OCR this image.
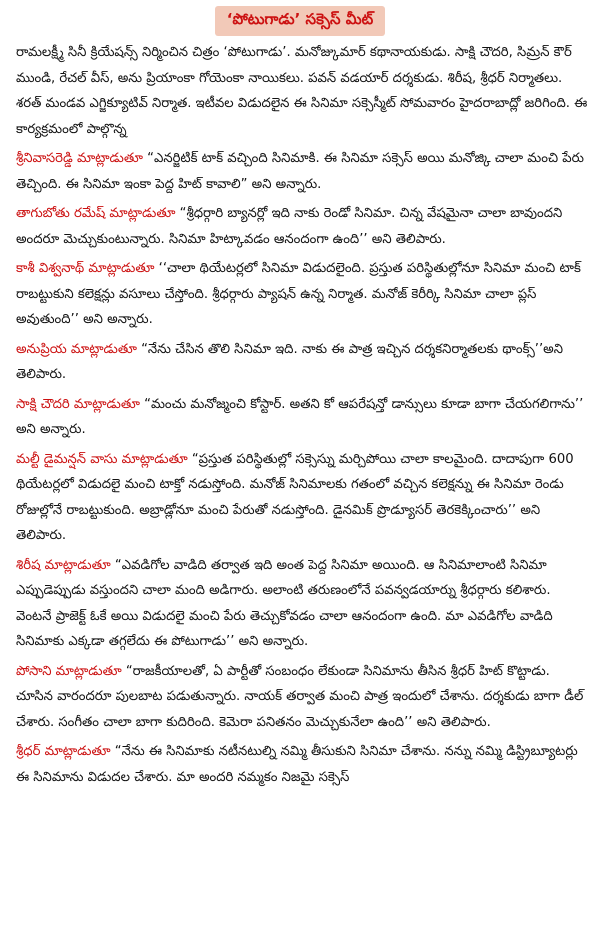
‘పోటుగాడు’ సక్సెస్ మీట్

రామలక్ష్మీ సినీ క్రియేషన్స్ నిర్మించిన చిత్రం ‘పోటుగాడు’. మనోజ్కుమార్ కథానాయకుడు. సాక్షి చౌదరి, సిమ్రన్ కౌర్ ముండి, రేచల్ వీస్, అను ప్రియాంకా గోయెంకా నాయికలు. పవన్ వడయార్ దర్శకుడు. శిరీష, శ్రీధర్ నిర్మాతలు. శరత్ మండవ ఎగ్జిక్యూటివ్ నిర్మాత. ఇటీవల విడుదలైన ఈ సినిమా సక్సెస్మీట్ సోమవారం హైదరాబాద్లో జరిగింది. ఈ కార్యక్రమంలో పాల్గొన్న

శ్రీనివాసరెడ్డి మాట్లాడుతూ “ఎనర్జిటిక్ టాక్ వచ్చింది సినిమాకి. ఈ సినిమా సక్సెస్ అయి మనోజ్కి చాలా మంచి పేరు తెచ్చింది. ఈ సినిమా ఇంకా పెద్ద హిట్ కావాలి” అని అన్నారు.

తాగుబోతు రమేష్ మాట్లాడుతూ “శ్రీధర్గారి బ్యానర్లో ఇది నాకు రెండో సినిమా. చిన్న వేషమైనా చాలా బావుందని అందరూ మెచ్చుకుంటున్నారు. సినిమా హిట్కావడం ఆనందంగా ఉంది’’ అని తెలిపారు.

కాశీ విశ్వనాథ్ మాట్లాడుతూ ‘‘చాలా థియేటర్లలో సినిమా విడుదలైంది. ప్రస్తుత పరిస్థితుల్లోనూ సినిమా మంచి టాక్ రాబట్టుకుని కలెక్షన్లు వసూలు చేస్తోంది. శ్రీధర్గారు ప్యాషన్ ఉన్న నిర్మాత. మనోజ్ కెరీర్కి సినిమా చాలా ప్లస్ అవుతుంది’’ అని అన్నారు.

అనుప్రియ మాట్లాడుతూ “నేను చేసిన తొలి సినిమా ఇది. నాకు ఈ పాత్ర ఇచ్చిన దర్శకనిర్మాతలకు థాంక్స్’’అని తెలిపారు.

సాక్షి చౌదరి మాట్లాడుతూ “మంచు మనోజ్మంచి కోస్టార్. అతని కో ఆపరేషన్తో డాన్సులు కూడా బాగా చేయగలిగాను’’ అని అన్నారు.

మల్టీ డైమన్షన్ వాసు మాట్లాడుతూ “ప్రస్తుత పరిస్థితుల్లో సక్సెస్ను మర్చిపోయి చాలా కాలమైంది. దాదాపుగా 600 థియేటర్లలో విడుదలై మంచి టాక్తో నడుస్తోంది. మనోజ్ సినిమాలకు గతంలో వచ్చిన కలెక్షన్ను ఈ సినిమా రెండు రోజుల్లోనే రాబట్టుకుంది. అబ్రాడ్లోనూ మంచి పేరుతో నడుస్తోంది. డైనమిక్ ప్రొడ్యూసర్ తెరకెక్కించారు’’ అని తెలిపారు.

శిరీష మాట్లాడుతూ “ఎవడిగోల వాడిది తర్వాత ఇది అంత పెద్ద సినిమా అయింది. ఆ సినిమాలాంటి సినిమా ఎప్పుడెప్పుడు వస్తుందని చాలా మంది అడిగారు. అలాంటి తరుణంలోనే పవన్వడయార్ను శ్రీధర్గారు కలిశారు. వెంటనే ప్రాజెక్ట్ ఓకే అయి విడుదలై మంచి పేరు తెచ్చుకోవడం చాలా ఆనందంగా ఉంది. మా ఎవడిగోల వాడిది సినిమాకు ఎక్కడా తగ్గలేదు ఈ పోటుగాడు’’ అని అన్నారు.

పోసాని మాట్లాడుతూ “రాజకీయాలతో, ఏ పార్టీతో సంబంధం లేకుండా సినిమాను తీసిన శ్రీధర్ హిట్ కొట్టాడు. చూసిన వారందరూ పులబాట పడుతున్నారు. నాయక్ తర్వాత మంచి పాత్ర ఇందులో చేశాను. దర్శకుడు బాగా డీల్ చేశారు. సంగీతం చాలా బాగా కుదిరింది. కెమెరా పనితనం మెచ్చుకునేలా ఉంది’’ అని తెలిపారు.

శ్రీధర్ మాట్లాడుతూ “నేను ఈ సినిమాకు నటీనటుల్ని నమ్మి తీసుకుని సినిమా చేశాను. నన్ను నమ్మి డిస్ట్రిబ్యూటర్లు ఈ సినిమాను విడుదల చేశారు. మా అందరి నమ్మకం నిజమై సక్సెస్
